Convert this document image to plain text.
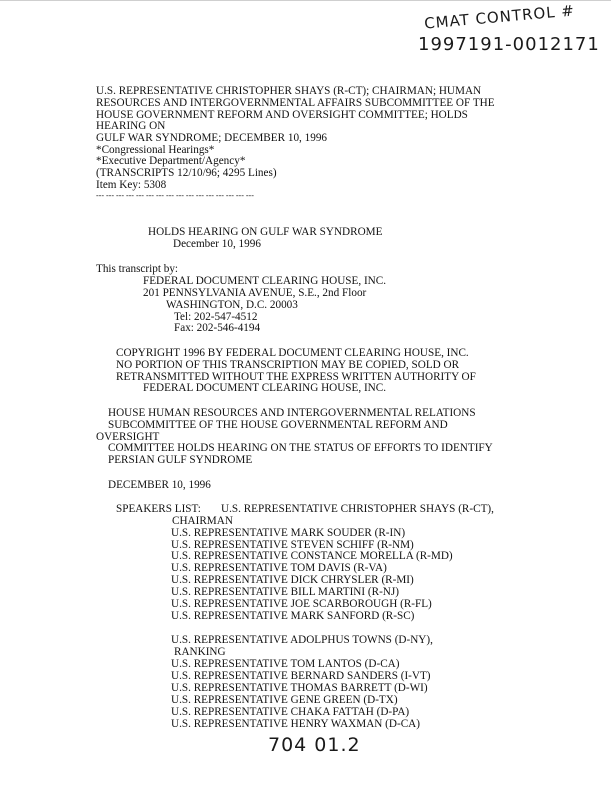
CMAT CONTROL #
1997191-0012171
U.S. REPRESENTATIVE CHRISTOPHER SHAYS (R-CT); CHAIRMAN; HUMAN
RESOURCES AND INTERGOVERNMENTAL AFFAIRS SUBCOMMITTEE OF THE
HOUSE GOVERNMENT REFORM AND OVERSIGHT COMMITTEE; HOLDS
HEARING ON
GULF WAR SYNDROME; DECEMBER 10, 1996
*Congressional Hearings*
*Executive Department/Agency*
(TRANSCRIPTS 12/10/96; 4295 Lines)
Item Key: 5308
--- --- --- --- --- --- --- --- --- --- --- --- --- --- --- ---
HOLDS HEARING ON GULF WAR SYNDROME
December 10, 1996
This transcript by:
FEDERAL DOCUMENT CLEARING HOUSE, INC.
201 PENNSYLVANIA AVENUE, S.E., 2nd Floor
WASHINGTON, D.C. 20003
Tel: 202-547-4512
Fax: 202-546-4194
COPYRIGHT 1996 BY FEDERAL DOCUMENT CLEARING HOUSE, INC.
NO PORTION OF THIS TRANSCRIPTION MAY BE COPIED, SOLD OR
RETRANSMITTED WITHOUT THE EXPRESS WRITTEN AUTHORITY OF
FEDERAL DOCUMENT CLEARING HOUSE, INC.
HOUSE HUMAN RESOURCES AND INTERGOVERNMENTAL RELATIONS
SUBCOMMITTEE OF THE HOUSE GOVERNMENTAL REFORM AND
OVERSIGHT
COMMITTEE HOLDS HEARING ON THE STATUS OF EFFORTS TO IDENTIFY
PERSIAN GULF SYNDROME
DECEMBER 10, 1996
SPEAKERS LIST: U.S. REPRESENTATIVE CHRISTOPHER SHAYS (R-CT),
CHAIRMAN
U.S. REPRESENTATIVE MARK SOUDER (R-IN)
U.S. REPRESENTATIVE STEVEN SCHIFF (R-NM)
U.S. REPRESENTATIVE CONSTANCE MORELLA (R-MD)
U.S. REPRESENTATIVE TOM DAVIS (R-VA)
U.S. REPRESENTATIVE DICK CHRYSLER (R-MI)
U.S. REPRESENTATIVE BILL MARTINI (R-NJ)
U.S. REPRESENTATIVE JOE SCARBOROUGH (R-FL)
U.S. REPRESENTATIVE MARK SANFORD (R-SC)
U.S. REPRESENTATIVE ADOLPHUS TOWNS (D-NY),
RANKING
U.S. REPRESENTATIVE TOM LANTOS (D-CA)
U.S. REPRESENTATIVE BERNARD SANDERS (I-VT)
U.S. REPRESENTATIVE THOMAS BARRETT (D-WI)
U.S. REPRESENTATIVE GENE GREEN (D-TX)
U.S. REPRESENTATIVE CHAKA FATTAH (D-PA)
U.S. REPRESENTATIVE HENRY WAXMAN (D-CA)
704 01.2
